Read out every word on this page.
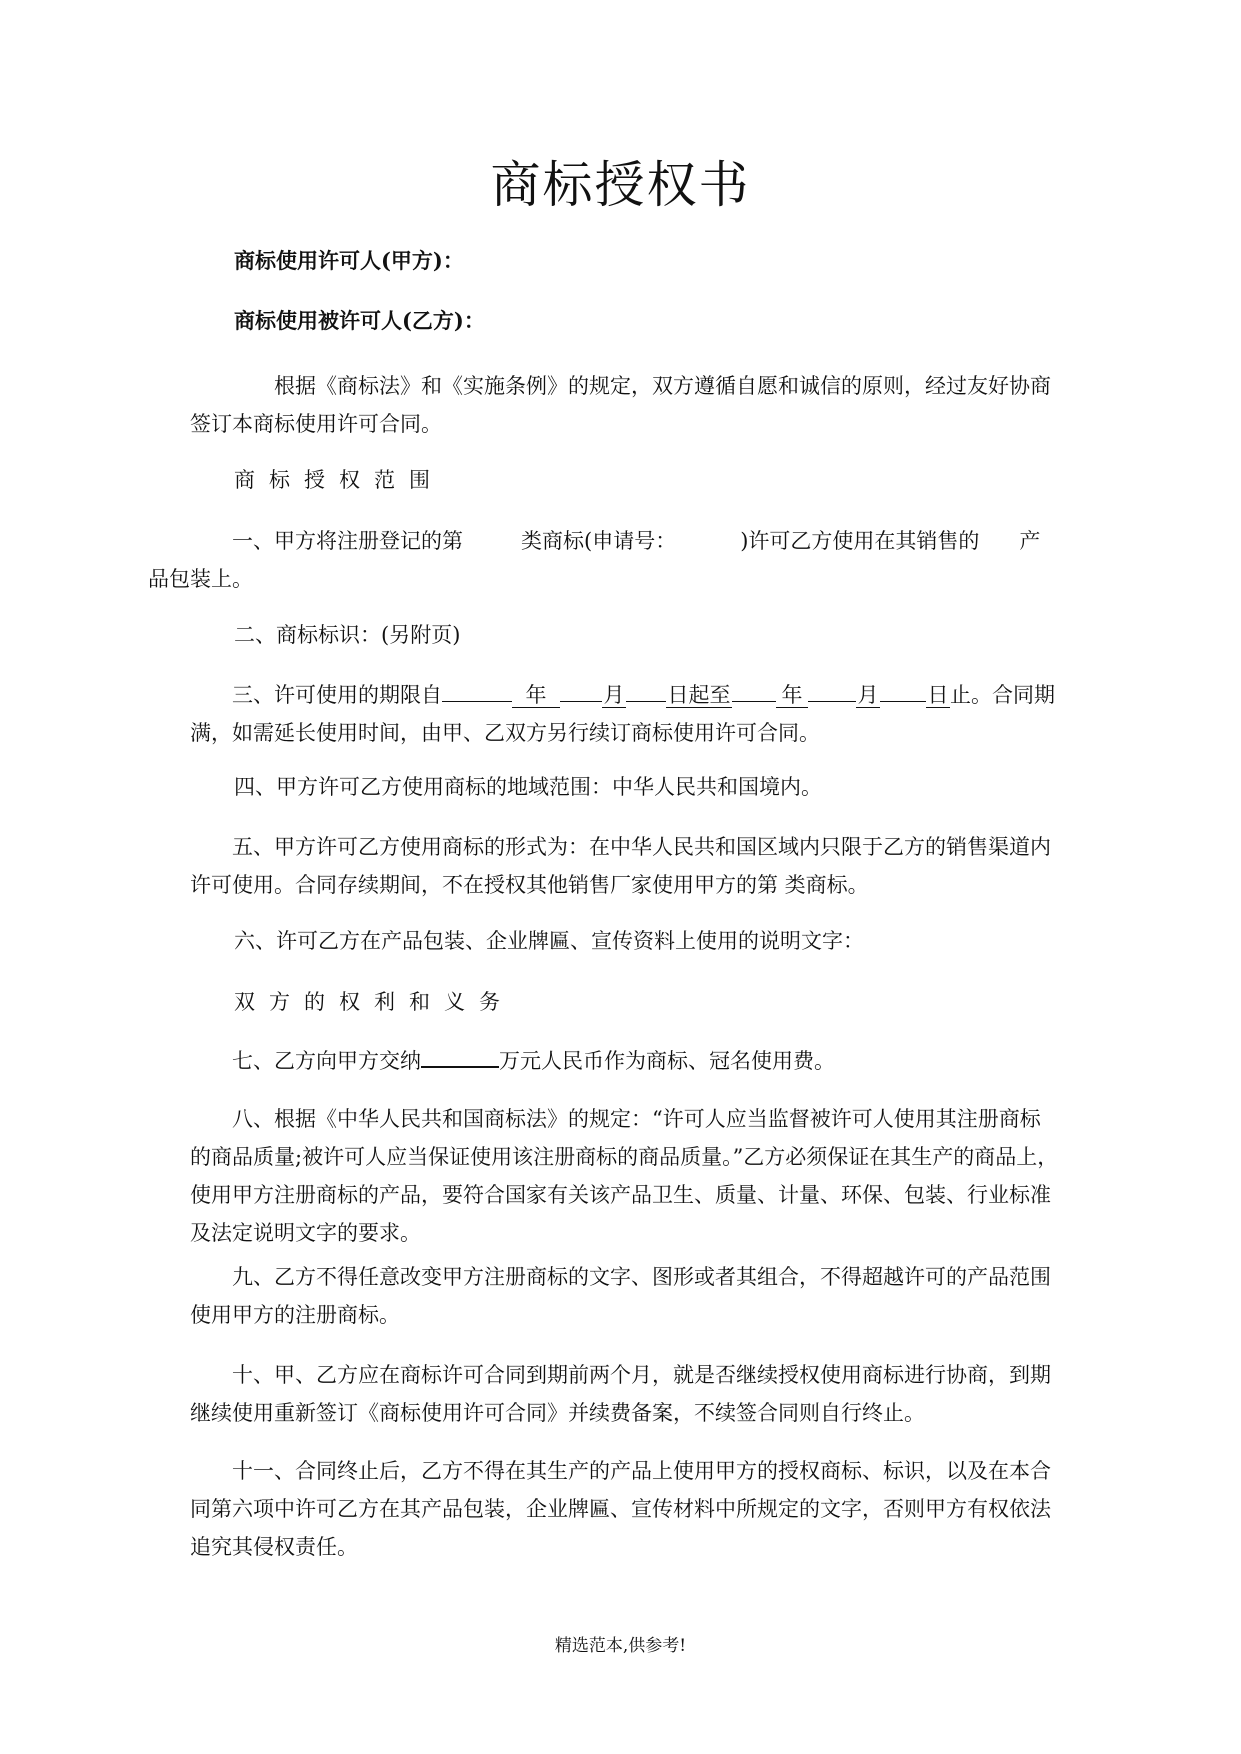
商标授权书
商标使用许可人(甲方)：
商标使用被许可人(乙方)：
根据《商标法》和《实施条例》的规定，双方遵循自愿和诚信的原则，经过友好协商签订本商标使用许可合同。
商标授权范围
一、甲方将注册登记的第	类商标(申请号：	)许可乙方使用在其销售的 产
品包装上。
二、商标标识：(另附页)
三、许可使用的期限自	年	月 日起至 年	月 日止。合同期满，如需延长使用时间，由甲、乙双方另行续订商标使用许可合同。
四、甲方许可乙方使用商标的地域范围：中华人民共和国境内。
五、甲方许可乙方使用商标的形式为：在中华人民共和国区域内只限于乙方的销售渠道内许可使用。合同存续期间，不在授权其他销售厂家使用甲方的第 类商标。
六、许可乙方在产品包装、企业牌匾、宣传资料上使用的说明文字：
双方的权利和义务
七、乙方向甲方交纳	万元人民币作为商标、冠名使用费。
八、根据《中华人民共和国商标法》的规定：“许可人应当监督被许可人使用其注册商标的商品质量;被许可人应当保证使用该注册商标的商品质量。”乙方必须保证在其生产的商品上，使用甲方注册商标的产品，要符合国家有关该产品卫生、质量、计量、环保、包装、行业标准及法定说明文字的要求。
九、乙方不得任意改变甲方注册商标的文字、图形或者其组合，不得超越许可的产品范围使用甲方的注册商标。
十、甲、乙方应在商标许可合同到期前两个月，就是否继续授权使用商标进行协商，到期继续使用重新签订《商标使用许可合同》并续费备案，不续签合同则自行终止。
十一、合同终止后，乙方不得在其生产的产品上使用甲方的授权商标、标识，以及在本合同第六项中许可乙方在其产品包装，企业牌匾、宣传材料中所规定的文字，否则甲方有权依法追究其侵权责任。
精选范本,供参考!
